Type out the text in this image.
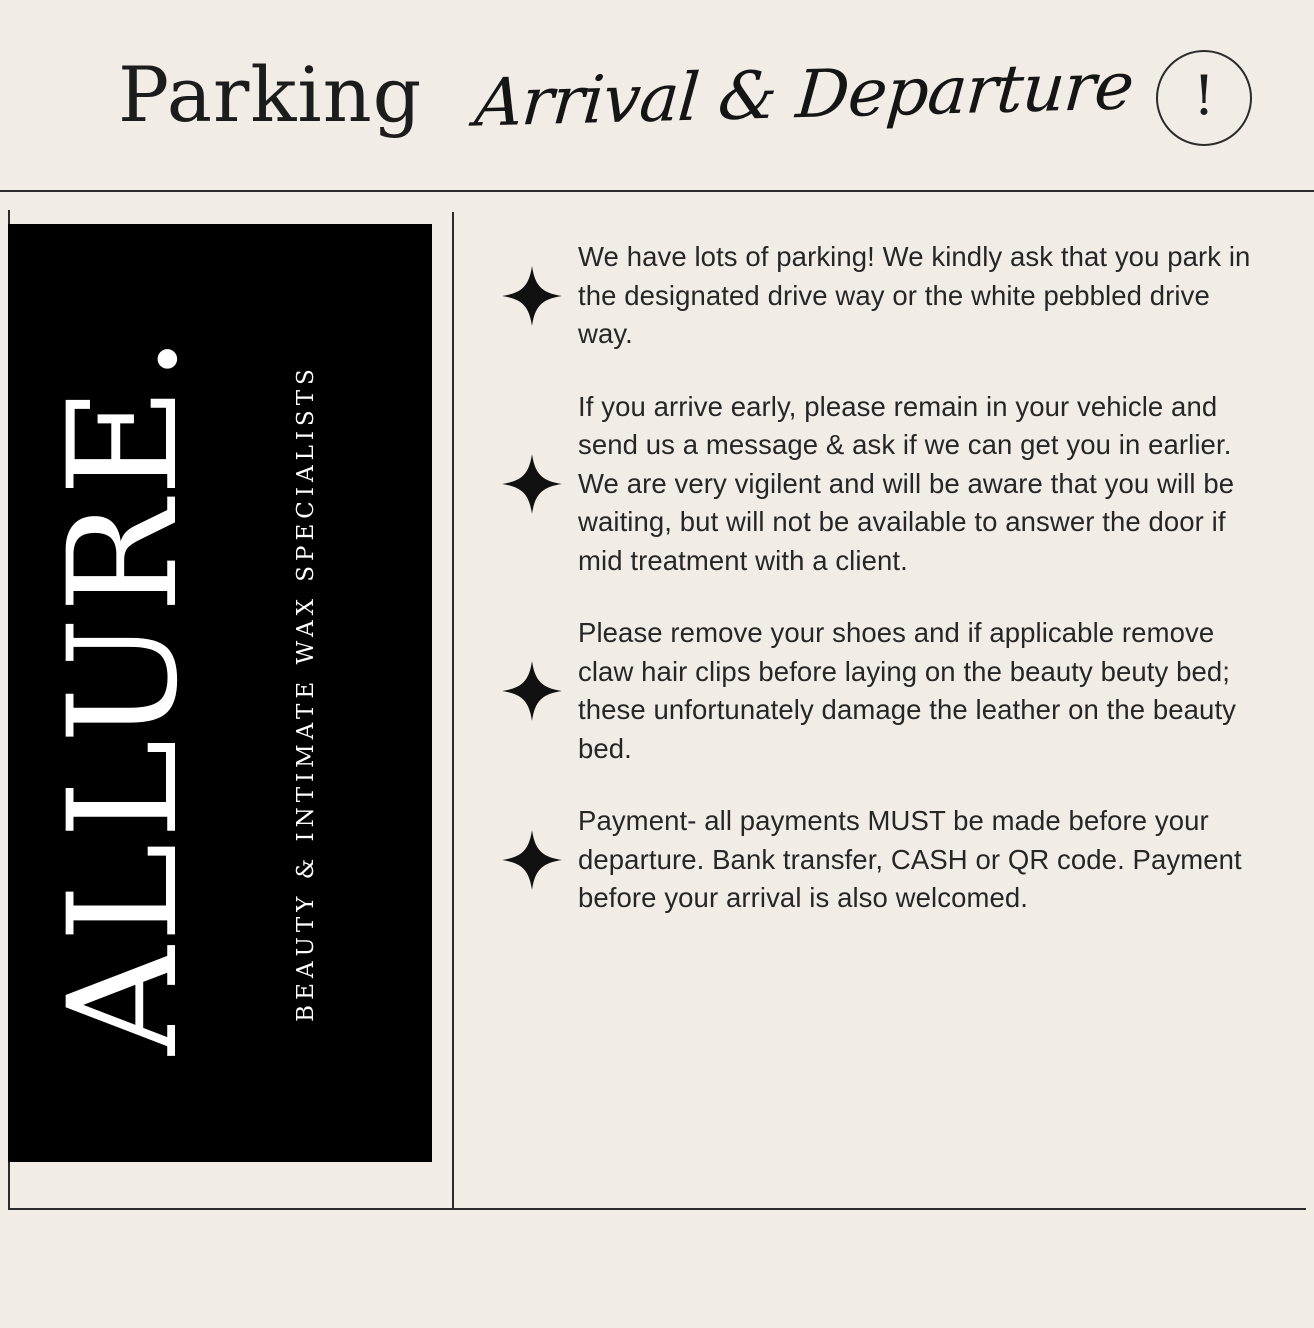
Parking Arrival & Departure !
ALLURE.	BEAUTY & INTIMATE WAX SPECIALISTS
We have lots of parking! We kindly ask that you park in the designated drive way or the white pebbled drive way.
If you arrive early, please remain in your vehicle and send us a message & ask if we can get you in earlier. We are very vigilent and will be aware that you will be waiting, but will not be available to answer the door if mid treatment with a client.
Please remove your shoes and if applicable remove claw hair clips before laying on the beauty beuty bed; these unfortunately damage the leather on the beauty bed.
Payment- all payments MUST be made before your departure. Bank transfer, CASH or QR code. Payment before your arrival is also welcomed.
